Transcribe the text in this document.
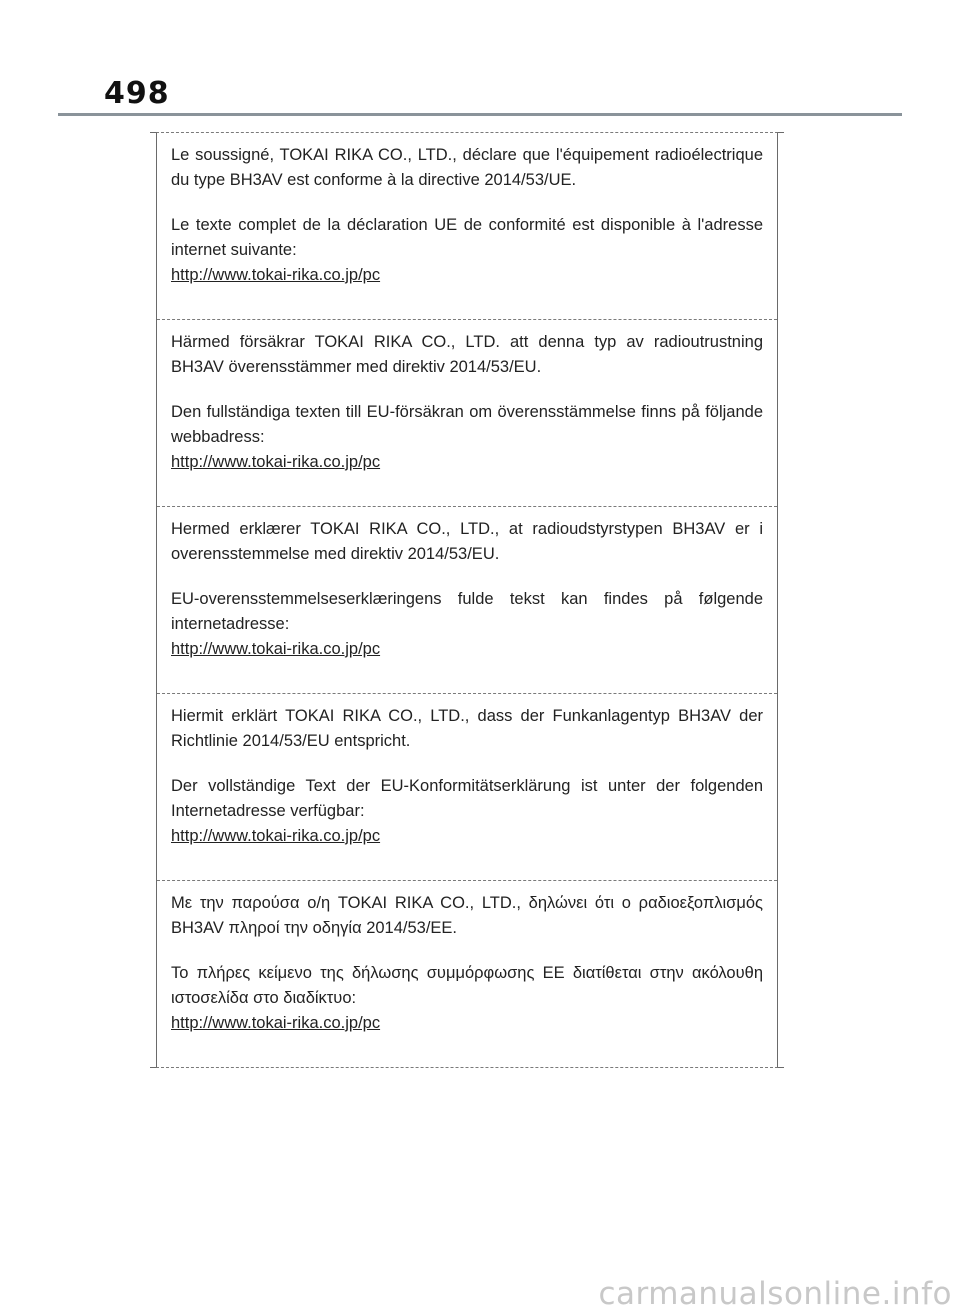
498

Le soussigné, TOKAI RIKA CO., LTD., déclare que l'équipement radioélectrique du type BH3AV est conforme à la directive 2014/53/UE.

Le texte complet de la déclaration UE de conformité est disponible à l'adresse internet suivante:

http://www.tokai-rika.co.jp/pc

Härmed försäkrar TOKAI RIKA CO., LTD. att denna typ av radioutrustning BH3AV överensstämmer med direktiv 2014/53/EU.

Den fullständiga texten till EU-försäkran om överensstämmelse finns på följande webbadress:

http://www.tokai-rika.co.jp/pc

Hermed erklærer TOKAI RIKA CO., LTD., at radioudstyrstypen BH3AV er i overensstemmelse med direktiv 2014/53/EU.

EU-overensstemmelseserklæringens fulde tekst kan findes på følgende internetadresse:

http://www.tokai-rika.co.jp/pc

Hiermit erklärt TOKAI RIKA CO., LTD., dass der Funkanlagentyp BH3AV der Richtlinie 2014/53/EU entspricht.

Der vollständige Text der EU-Konformitätserklärung ist unter der folgenden Internetadresse verfügbar:

http://www.tokai-rika.co.jp/pc

Με την παρούσα ο/η TOKAI RIKA CO., LTD., δηλώνει ότι ο ραδιοεξοπλισμός BH3AV πληροί την οδηγία 2014/53/ΕΕ.

Το πλήρες κείμενο της δήλωσης συμμόρφωσης ΕΕ διατίθεται στην ακόλουθη ιστοσελίδα στο διαδίκτυο:

http://www.tokai-rika.co.jp/pc

carmanualsonline.info
